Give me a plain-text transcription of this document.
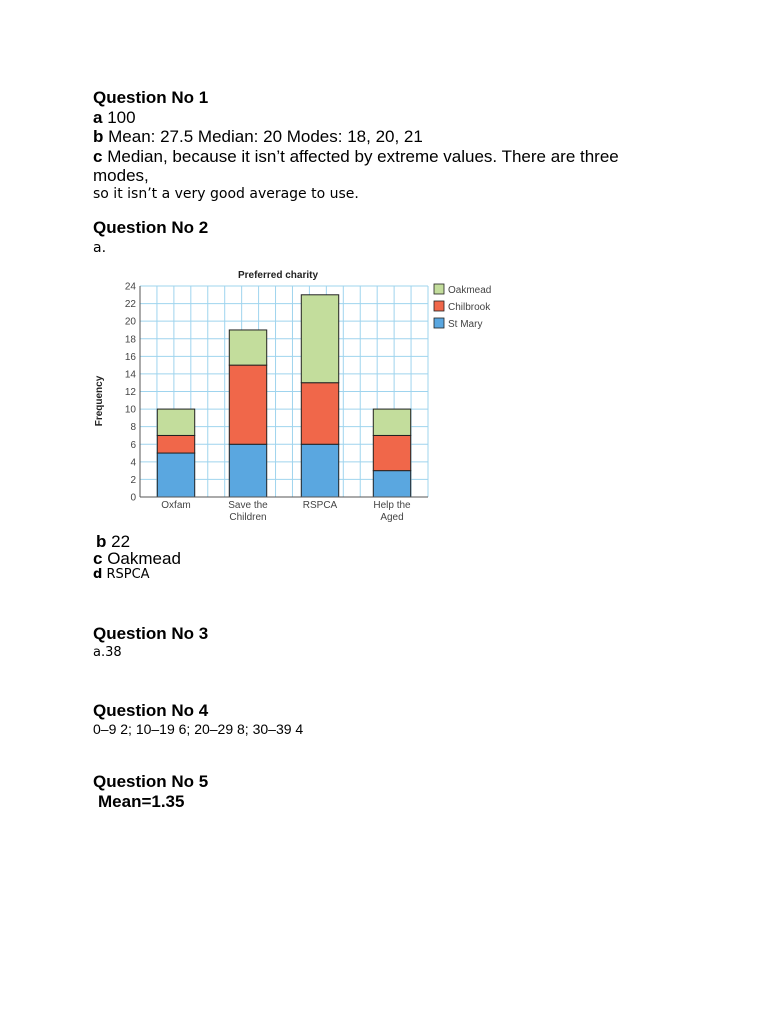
Question No 1
a 100
b Mean: 27.5 Median: 20 Modes: 18, 20, 21
c Median, because it isn’t affected by extreme values. There are three
modes,
so it isn’t a very good average to use.
Question No 2
a.
0
2
4
6
8
10
12
14
16
18
20
22
24
Oxfam	Save the
Children
RSPCA	Help the
Aged
Preferred charity
Frequency
Oakmead
Chilbrook
St Mary
b 22
c Oakmead
d RSPCA
Question No 3
a.38
Question No 4
0–9 2; 10–19 6; 20–29 8; 30–39 4
Question No 5
Mean=1.35
